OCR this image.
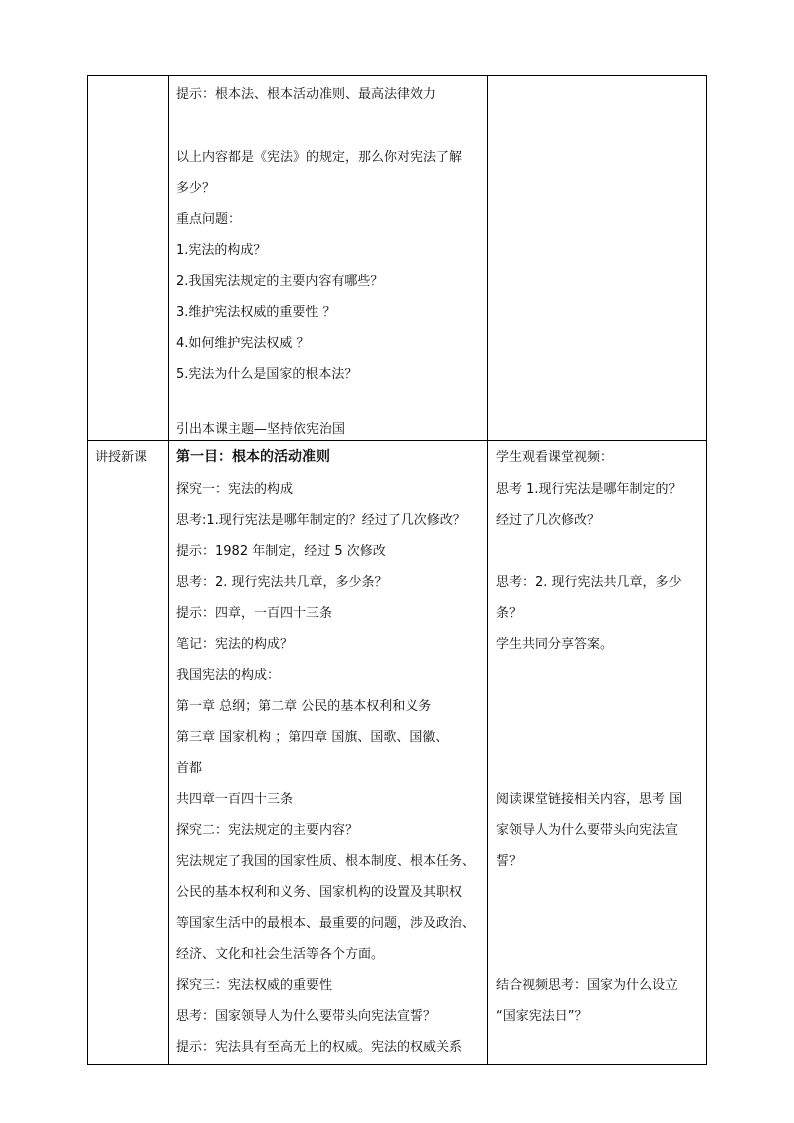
提示：根本法、根本活动准则、最高法律效力
以上内容都是《宪法》的规定，那么你对宪法了解
多少？
重点问题：
1.宪法的构成？
2.我国宪法规定的主要内容有哪些？
3.维护宪法权威的重要性 ？
4.如何维护宪法权威 ？
5.宪法为什么是国家的根本法？
引出本课主题—坚持依宪治国
讲授新课 第一目：根本的活动准则
探究一：宪法的构成
思考:1.现行宪法是哪年制定的？经过了几次修改？
提示：1982 年制定，经过 5 次修改
思考：2. 现行宪法共几章，多少条？
提示：四章，一百四十三条
笔记：宪法的构成？
我国宪法的构成：
第一章 总纲；第二章 公民的基本权利和义务
第三章 国家机构 ；第四章 国旗、国歌、国徽、
首都
共四章一百四十三条
探究二：宪法规定的主要内容？
宪法规定了我国的国家性质、根本制度、根本任务、
公民的基本权利和义务、国家机构的设置及其职权
等国家生活中的最根本、最重要的问题，涉及政治、
经济、文化和社会生活等各个方面。
探究三：宪法权威的重要性
思考：国家领导人为什么要带头向宪法宣誓？
提示：宪法具有至高无上的权威。宪法的权威关系
学生观看课堂视频：
思考 1.现行宪法是哪年制定的？
经过了几次修改？
思考：2. 现行宪法共几章，多少
条？
学生共同分享答案。
阅读课堂链接相关内容，思考 国
家领导人为什么要带头向宪法宣
誓？
结合视频思考：国家为什么设立
“国家宪法日”？
